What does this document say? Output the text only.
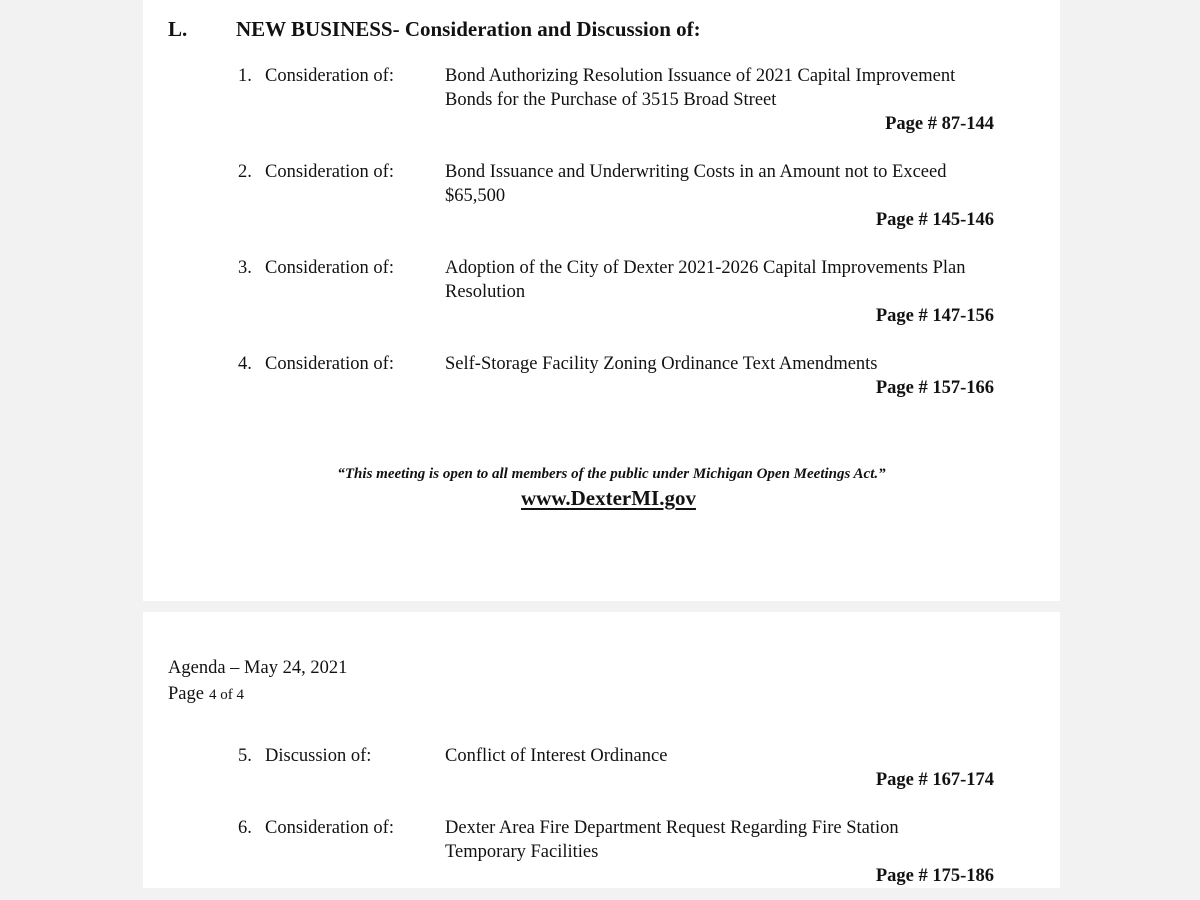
L. NEW BUSINESS- Consideration and Discussion of:
1. Consideration of:	Bond Authorizing Resolution Issuance of 2021 Capital Improvement
Bonds for the Purchase of 3515 Broad Street
Page # 87-144
2. Consideration of:	Bond Issuance and Underwriting Costs in an Amount not to Exceed
$65,500
Page # 145-146
3. Consideration of:	Adoption of the City of Dexter 2021-2026 Capital Improvements Plan
Resolution
Page # 147-156
4. Consideration of:	Self-Storage Facility Zoning Ordinance Text Amendments
Page # 157-166
“This meeting is open to all members of the public under Michigan Open Meetings Act.”
www.DexterMI.gov
Agenda – May 24, 2021
Page 4 of 4
5. Discussion of:	Conflict of Interest Ordinance
Page # 167-174
6. Consideration of:	Dexter Area Fire Department Request Regarding Fire Station
Temporary Facilities
Page # 175-186
